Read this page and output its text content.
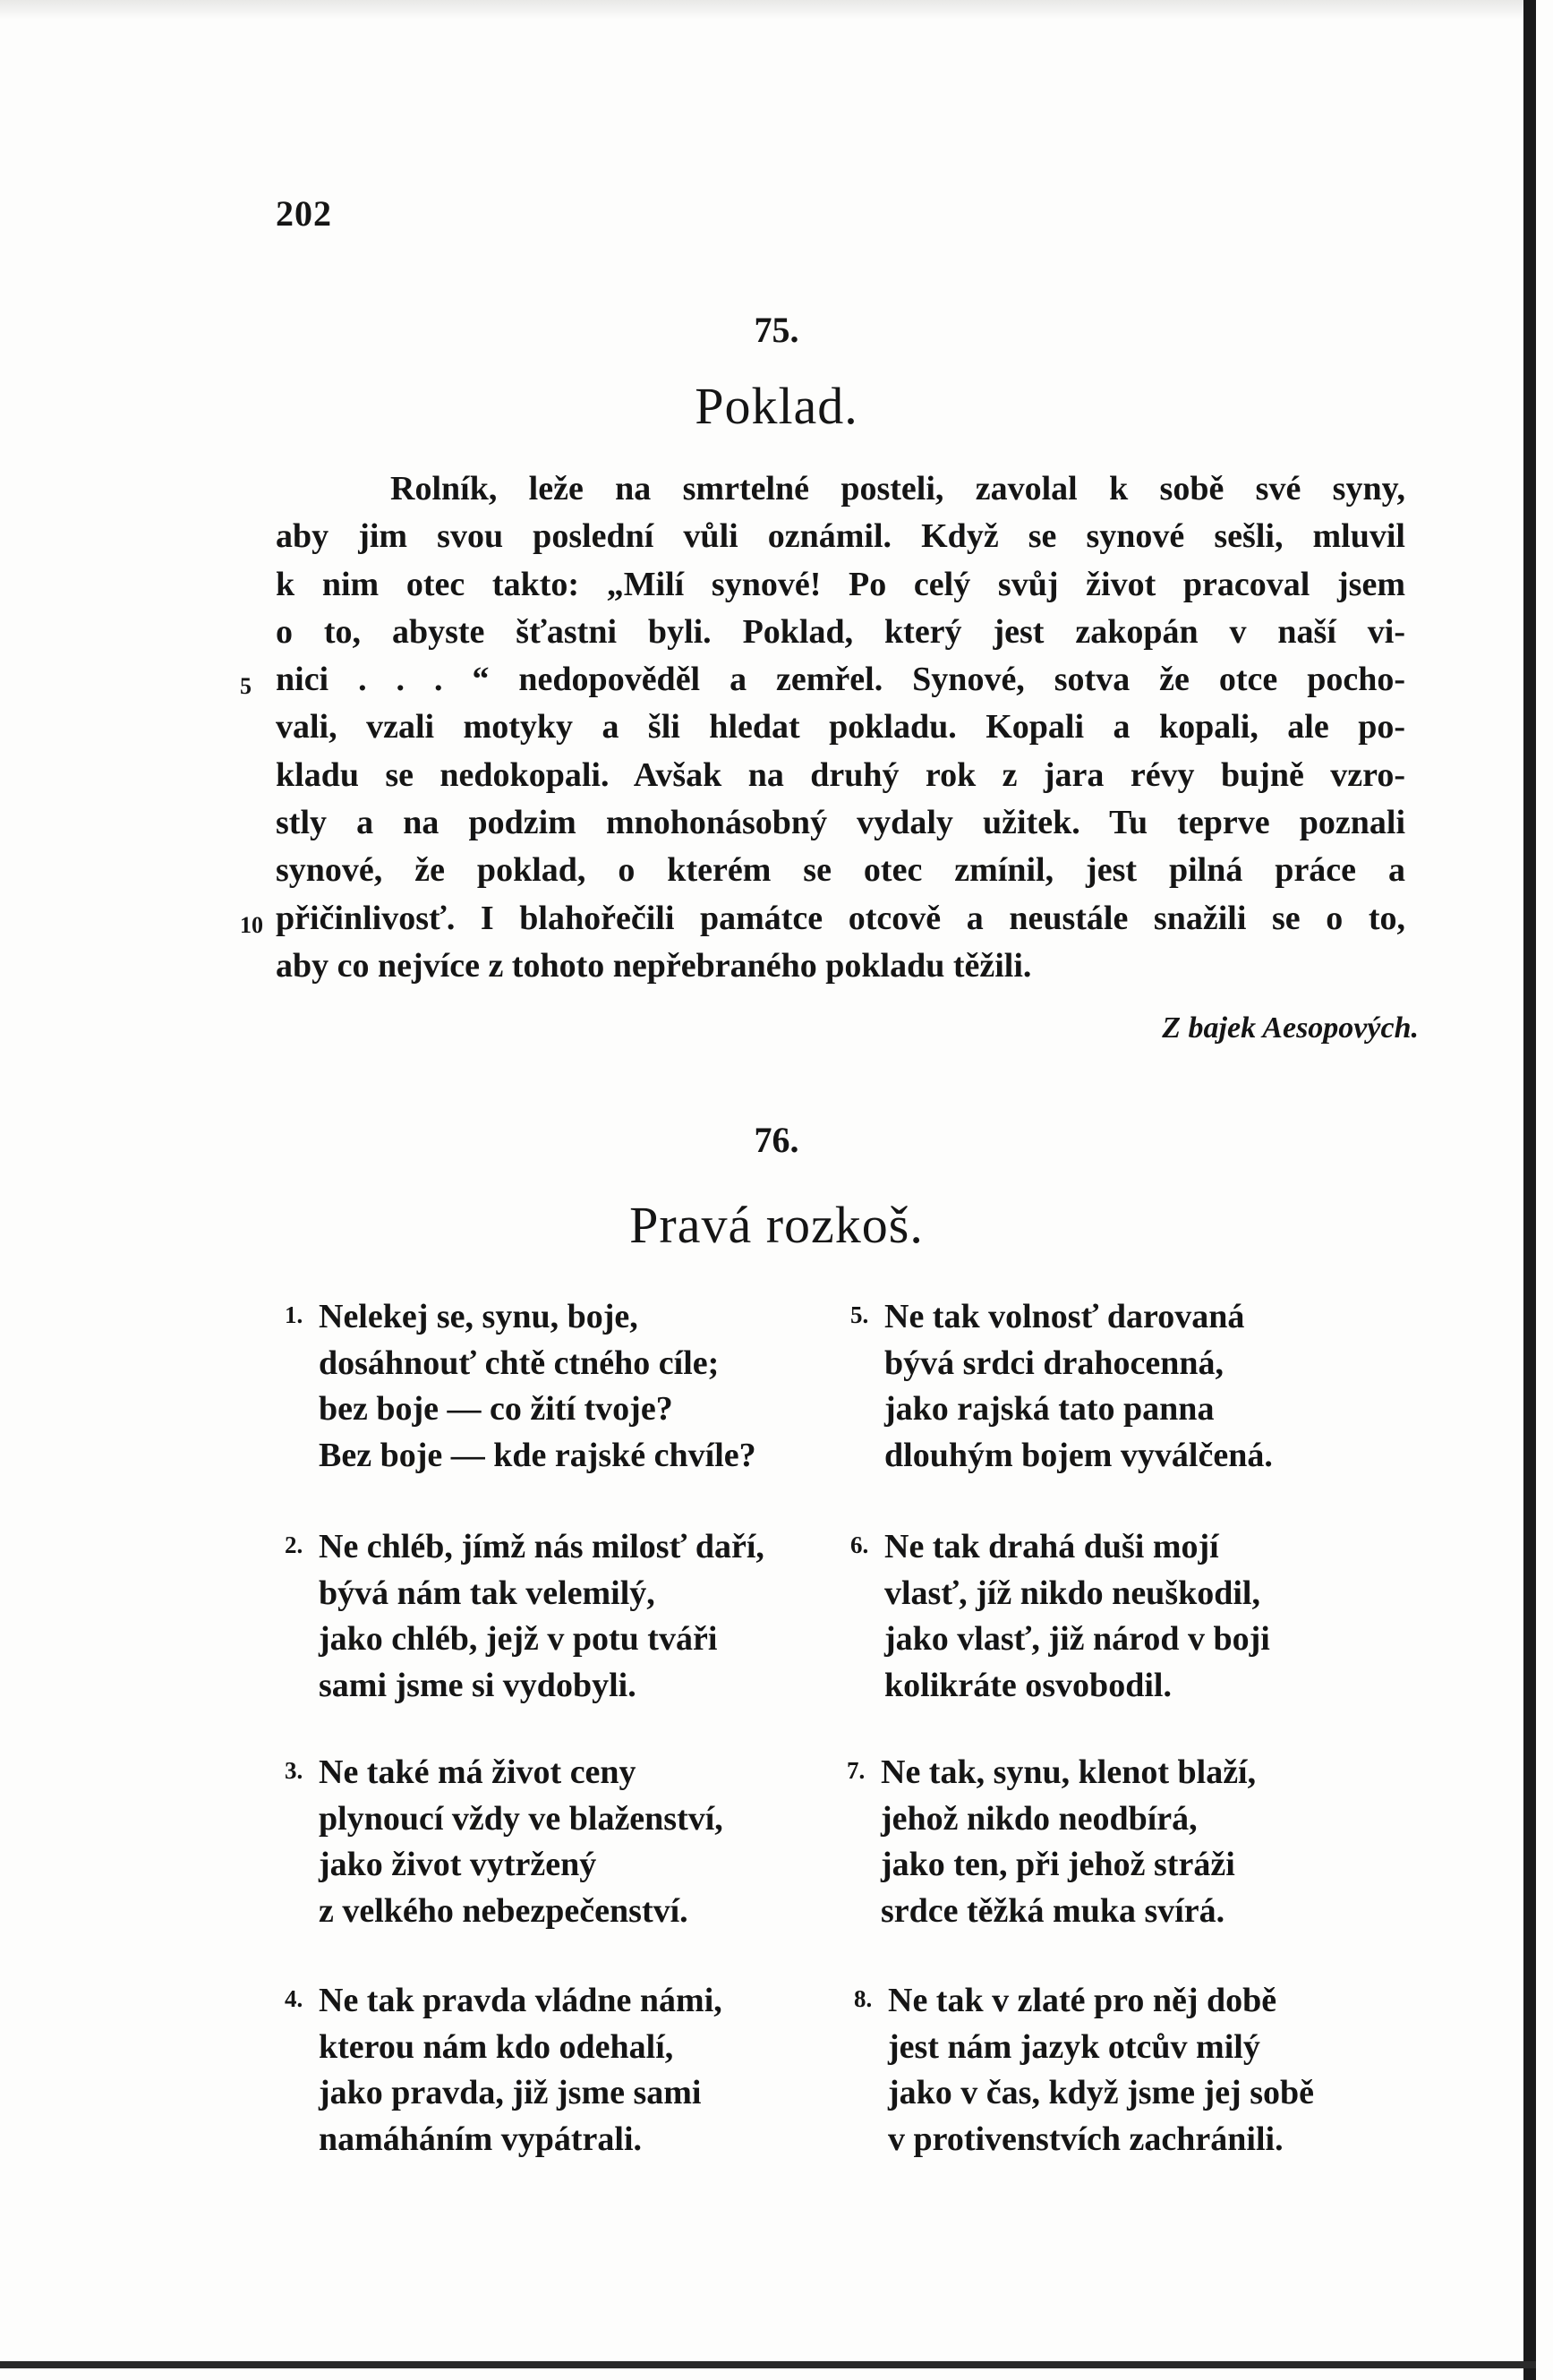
202
75.
Poklad.
Rolník, leže na smrtelné posteli, zavolal k sobě své syny,
aby jim svou poslední vůli oznámil. Když se synové sešli, mluvil
k nim otec takto: „Milí synové! Po celý svůj život pracoval jsem
o to, abyste šťastni byli. Poklad, který jest zakopán v naší vi-
nici . . . “ nedopověděl a zemřel. Synové, sotva že otce pocho-
vali, vzali motyky a šli hledat pokladu. Kopali a kopali, ale po-
kladu se nedokopali. Avšak na druhý rok z jara révy bujně vzro-
stly a na podzim mnohonásobný vydaly užitek. Tu teprve poznali
synové, že poklad, o kterém se otec zmínil, jest pilná práce a
přičinlivosť. I blahořečili památce otcově a neustále snažili se o to,
aby co nejvíce z tohoto nepřebraného pokladu těžili.
5
10
Z bajek Aesopových.
76.
Pravá rozkoš.
1. Nelekej se, synu, boje,
dosáhnouť chtě ctného cíle;
bez boje — co žití tvoje?
Bez boje — kde rajské chvíle?
2. Ne chléb, jímž nás milosť daří,
bývá nám tak velemilý,
jako chléb, jejž v potu tváři
sami jsme si vydobyli.
3. Ne také má život ceny
plynoucí vždy ve blaženství,
jako život vytržený
z velkého nebezpečenství.
4. Ne tak pravda vládne námi,
kterou nám kdo odehalí,
jako pravda, již jsme sami
namáháním vypátrali.
5. Ne tak volnosť darovaná
bývá srdci drahocenná,
jako rajská tato panna
dlouhým bojem vyválčená.
6. Ne tak drahá duši mojí
vlasť, jíž nikdo neuškodil,
jako vlasť, již národ v boji
kolikráte osvobodil.
7. Ne tak, synu, klenot blaží,
jehož nikdo neodbírá,
jako ten, při jehož stráži
srdce těžká muka svírá.
8. Ne tak v zlaté pro něj době
jest nám jazyk otcův milý
jako v čas, když jsme jej sobě
v protivenstvích zachránili.
